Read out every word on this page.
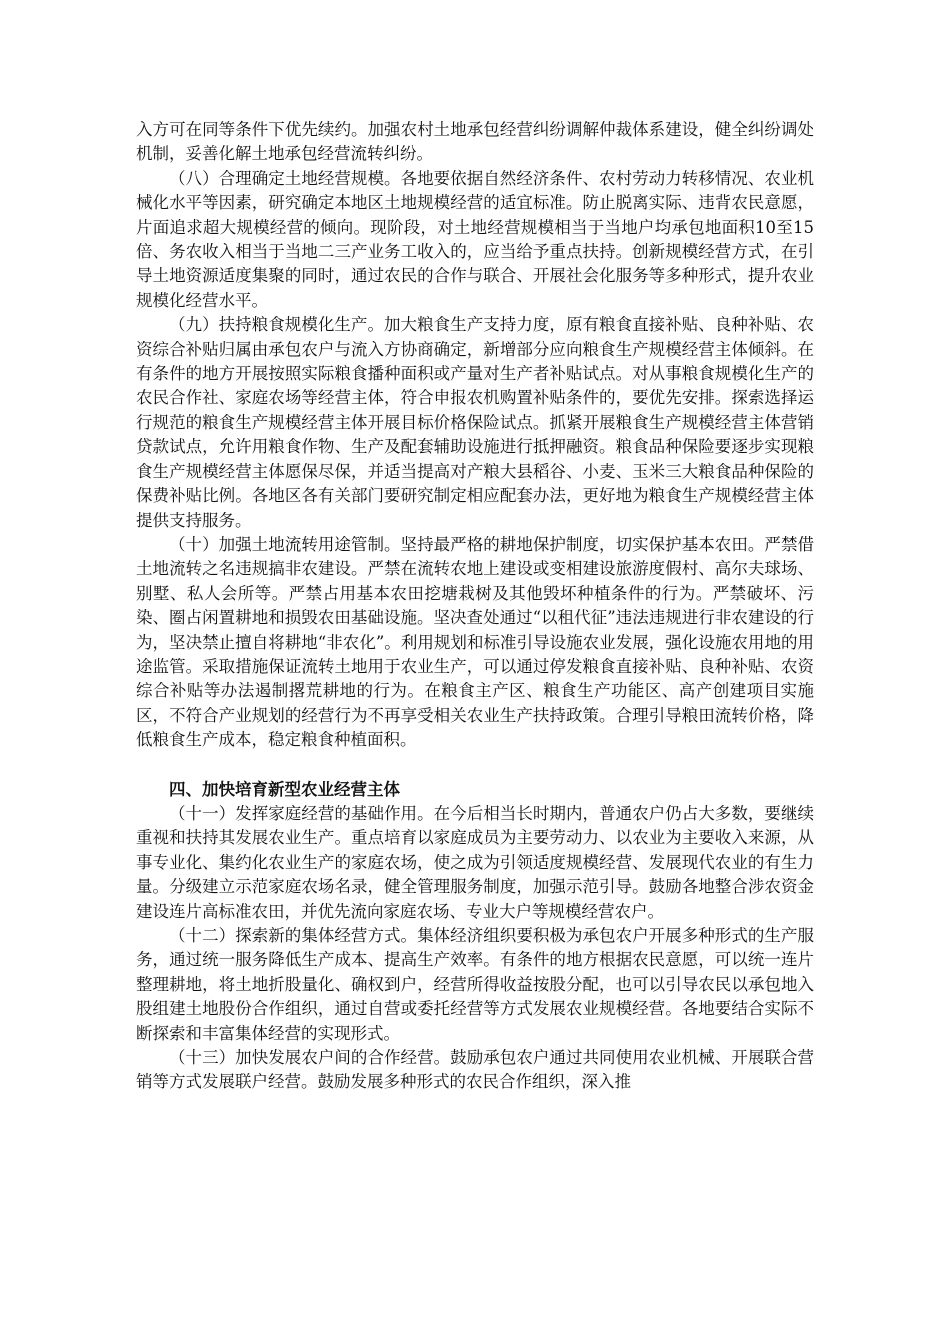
入方可在同等条件下优先续约。加强农村土地承包经营纠纷调解仲裁体系建设，健全纠纷调处机制，妥善化解土地承包经营流转纠纷。

（八）合理确定土地经营规模。各地要依据自然经济条件、农村劳动力转移情况、农业机械化水平等因素，研究确定本地区土地规模经营的适宜标准。防止脱离实际、违背农民意愿，片面追求超大规模经营的倾向。现阶段，对土地经营规模相当于当地户均承包地面积10至15倍、务农收入相当于当地二三产业务工收入的，应当给予重点扶持。创新规模经营方式，在引导土地资源适度集聚的同时，通过农民的合作与联合、开展社会化服务等多种形式，提升农业规模化经营水平。

（九）扶持粮食规模化生产。加大粮食生产支持力度，原有粮食直接补贴、良种补贴、农资综合补贴归属由承包农户与流入方协商确定，新增部分应向粮食生产规模经营主体倾斜。在有条件的地方开展按照实际粮食播种面积或产量对生产者补贴试点。对从事粮食规模化生产的农民合作社、家庭农场等经营主体，符合申报农机购置补贴条件的，要优先安排。探索选择运行规范的粮食生产规模经营主体开展目标价格保险试点。抓紧开展粮食生产规模经营主体营销贷款试点，允许用粮食作物、生产及配套辅助设施进行抵押融资。粮食品种保险要逐步实现粮食生产规模经营主体愿保尽保，并适当提高对产粮大县稻谷、小麦、玉米三大粮食品种保险的保费补贴比例。各地区各有关部门要研究制定相应配套办法，更好地为粮食生产规模经营主体提供支持服务。

（十）加强土地流转用途管制。坚持最严格的耕地保护制度，切实保护基本农田。严禁借土地流转之名违规搞非农建设。严禁在流转农地上建设或变相建设旅游度假村、高尔夫球场、别墅、私人会所等。严禁占用基本农田挖塘栽树及其他毁坏种植条件的行为。严禁破坏、污染、圈占闲置耕地和损毁农田基础设施。坚决查处通过“以租代征”违法违规进行非农建设的行为，坚决禁止擅自将耕地“非农化”。利用规划和标准引导设施农业发展，强化设施农用地的用途监管。采取措施保证流转土地用于农业生产，可以通过停发粮食直接补贴、良种补贴、农资综合补贴等办法遏制撂荒耕地的行为。在粮食主产区、粮食生产功能区、高产创建项目实施区，不符合产业规划的经营行为不再享受相关农业生产扶持政策。合理引导粮田流转价格，降低粮食生产成本，稳定粮食种植面积。

四、加快培育新型农业经营主体

（十一）发挥家庭经营的基础作用。在今后相当长时期内，普通农户仍占大多数，要继续重视和扶持其发展农业生产。重点培育以家庭成员为主要劳动力、以农业为主要收入来源，从事专业化、集约化农业生产的家庭农场，使之成为引领适度规模经营、发展现代农业的有生力量。分级建立示范家庭农场名录，健全管理服务制度，加强示范引导。鼓励各地整合涉农资金建设连片高标准农田，并优先流向家庭农场、专业大户等规模经营农户。

（十二）探索新的集体经营方式。集体经济组织要积极为承包农户开展多种形式的生产服务，通过统一服务降低生产成本、提高生产效率。有条件的地方根据农民意愿，可以统一连片整理耕地，将土地折股量化、确权到户，经营所得收益按股分配，也可以引导农民以承包地入股组建土地股份合作组织，通过自营或委托经营等方式发展农业规模经营。各地要结合实际不断探索和丰富集体经营的实现形式。

（十三）加快发展农户间的合作经营。鼓励承包农户通过共同使用农业机械、开展联合营销等方式发展联户经营。鼓励发展多种形式的农民合作组织，深入推
